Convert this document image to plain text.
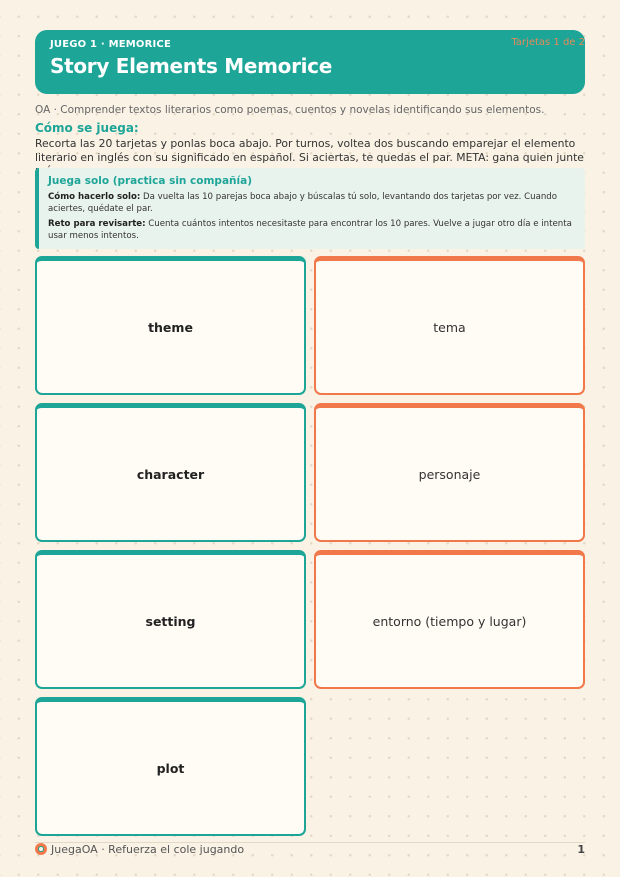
JUEGO 1 · MEMORICE
Story Elements Memorice
Tarjetas 1 de 2
OA · Comprender textos literarios como poemas, cuentos y novelas identificando sus elementos.
Cómo se juega:
Recorta las 20 tarjetas y ponlas boca abajo. Por turnos, voltea dos buscando emparejar el elemento literario en inglés con su significado en español. Si aciertas, te quedas el par. META: gana quien junte
Juega solo (practica sin compañía)
Cómo hacerlo solo: Da vuelta las 10 parejas boca abajo y búscalas tú solo, levantando dos tarjetas por vez. Cuando aciertes, quédate el par.
Reto para revisarte: Cuenta cuántos intentos necesitaste para encontrar los 10 pares. Vuelve a jugar otro día e intenta usar menos intentos.
theme	tema
character	personaje
setting	entorno (tiempo y lugar)
plot
JuegaOA · Refuerza el cole jugando	1
